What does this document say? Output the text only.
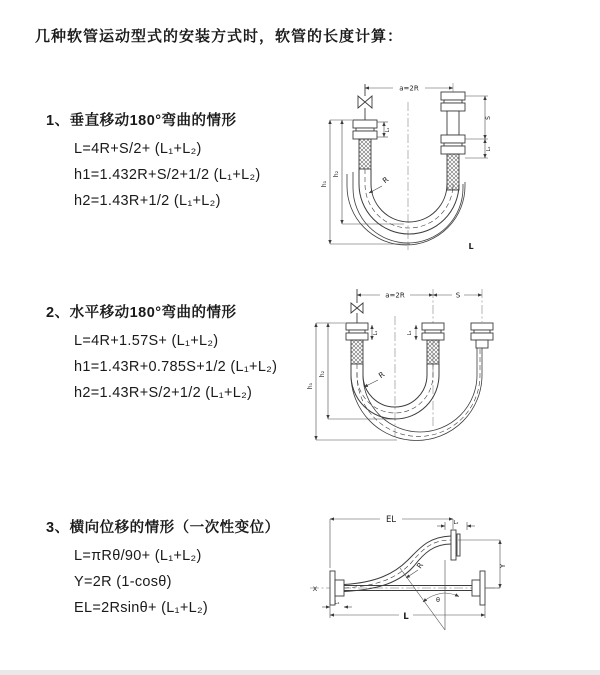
几种软管运动型式的安装方式时，软管的长度计算：
1、垂直移动180°弯曲的情形

L=4R+S/2+ (L₁+L₂)

h1=1.432R+S/2+1/2 (L₁+L₂)

h2=1.43R+1/2 (L₁+L₂)

a=2R
h₁
h₂
L₁
S
L₂
R
L
2、水平移动180°弯曲的情形

L=4R+1.57S+ (L₁+L₂)

h1=1.43R+0.785S+1/2 (L₁+L₂)

h2=1.43R+S/2+1/2 (L₁+L₂)

a=2R	S
h₁
h₂
L₁	L₂
R
3、横向位移的情形（一次性变位）

L=πRθ/90+ (L₁+L₂)

Y=2R (1-cosθ)

EL=2Rsinθ+ (L₁+L₂)

EL	L₂
Y
R
θ
L
L₁
X
